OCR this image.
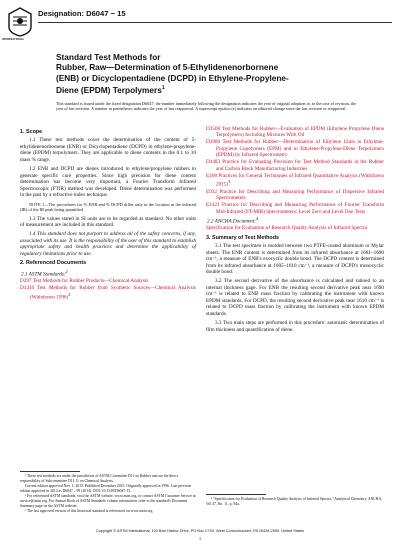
INTERNATIONAL
Designation: D6047 − 15
Standard Test Methods for
Rubber, Raw—Determination of 5-Ethylidenenorbornene
(ENB) or Dicyclopentadiene (DCPD) in Ethylene-Propylene-
Diene (EPDM) Terpolymers$^1$
This standard is issued under the fixed designation D6047; the number immediately following the designation indicates the year of original adoption or, in the case of revision, the year of last revision. A number in parentheses indicates the year of last reapproval. A superscript epsilon (ε) indicates an editorial change since the last revision or reapproval.
1. Scope

1.1 These test methods cover the determination of the content of 5-ethylidenenorbornene (ENB) or Dicyclopentadiene (DCPD) in ethylene-propylene-diene (EPDM) terpolymers. They are applicable to diene contents in the 0.1 to 10 mass % range.

1.2 ENB and DCPD are dienes introduced in ethylene/propylene rubbers to generate specific cure properties. Since high precision for diene content determination has become very important, a Fourier Transform Infrared Spectroscopic (FTIR) method was developed. Diene determination was performed in the past by a refractive index technique.

NOTE 1—The procedures for % ENB and % DCPD differ only in the location in the infrared (IR) of the IR peak being quantified.

1.3 The values stated in SI units are to be regarded as standard. No other units of measurement are included in this standard.

1.4 This standard does not purport to address all of the safety concerns, if any, associated with its use. It is the responsibility of the user of this standard to establish appropriate safety and health practices and determine the applicability of regulatory limitations prior to use.

2. Referenced Documents
2.1 ASTM Standards:$^2$
D297 Test Methods for Rubber Products—Chemical Analysis
D1416 Test Methods for Rubber from Synthetic Sources—Chemical Analysis (Withdrawn 1996)$^3$

¹ These test methods are under the jurisdiction of ASTM Committee D11 on Rubber and are the direct responsibility of Subcommittee D11.11 on Chemical Analysis.

Current edition approved Nov. 1, 2015. Published December 2015. Originally approved in 1996. Last previous edition approved in 2014 as D6047 – 99 (2014). DOI: 10.1520/D6047-15.

² For referenced ASTM standards, visit the ASTM website, www.astm.org, or contact ASTM Customer Service at service@astm.org. For Annual Book of ASTM Standards volume information, refer to the standard's Document Summary page on the ASTM website.

³ The last approved version of this historical standard is referenced on www.astm.org.

D3568 Test Methods for Rubber—Evaluation of EPDM (Ethylene Propylene Diene Terpolymers) Including Mixtures With Oil
D3900 Test Methods for Rubber—Determination of Ethylene Units in Ethylene-Propylene Copolymers (EPM) and in Ethylene-Propylene-Diene Terpolymers (EPDM) by Infrared Spectrometry
D4483 Practice for Evaluating Precision for Test Method Standards in the Rubber and Carbon Black Manufacturing Industries
E168 Practices for General Techniques of Infrared Quantitative Analysis (Withdrawn 2015)$^3$
E932 Practice for Describing and Measuring Performance of Dispersive Infrared Spectrometers
E1421 Practice for Describing and Measuring Performance of Fourier Transform Mid-Infrared (FT-MIR) Spectrometers: Level Zero and Level One Tests
2.2 ANCHA Document:$^4$
Specification for Evaluation of Research Quality Analysis of Infrared Spectra
3. Summary of Test Methods

3.1 The test specimen is molded between two PTFE-coated aluminum or Mylar sheets. The ENB content is determined from its infrared absorbance at 1681–1690 cm⁻¹, a measure of ENB's exocyclic double bond. The DCPD content is determined from its infrared absorbance at 1605–1610 cm⁻¹, a measure of DCPD's monocyclic double bond.

3.2 The second derivative of the absorbance is calculated and ratioed to an internal thickness gage. For ENB the resulting second derivative peak near 1690 cm⁻¹ is related to ENB mass fraction by calibrating the instrument with known EPDM standards. For DCPD, the resulting second derivative peak near 1610 cm⁻¹ is related to DCPD mass fraction by calibrating the instrument with known EPDM standards.

3.3 Two main steps are performed in this procedure: automatic determination of film thickness and quantification of diene.

⁴ "Specification for Evaluation of Research Quality Analysis of Infrared Spectra," Analytical Chemistry, ANCHA, Vol 47, No. 11, p. 94a.

Copyright © ASTM International, 100 Barr Harbor Drive, PO Box C700, West Conshohocken, PA 19428-2959. United States
1
